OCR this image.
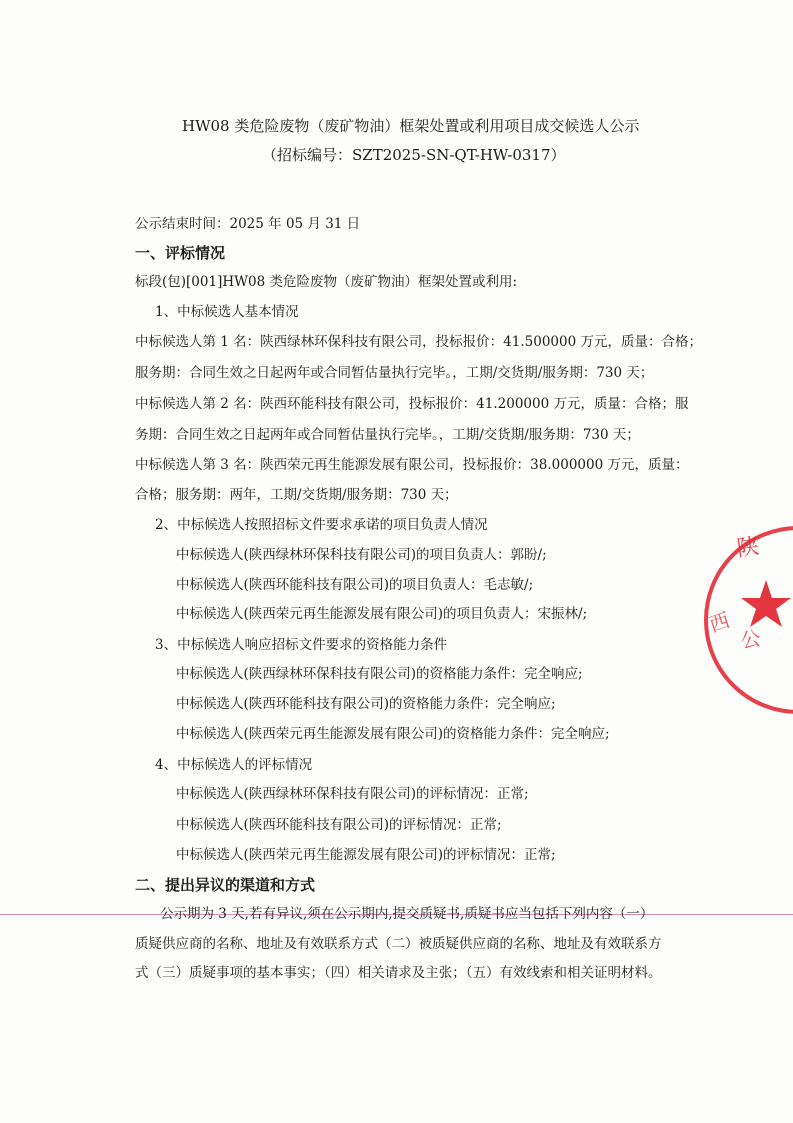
HW08 类危险废物（废矿物油）框架处置或利用项目成交候选人公示
（招标编号：SZT2025-SN-QT-HW-0317）
公示结束时间：2025 年 05 月 31 日
一、评标情况
标段(包)[001]HW08 类危险废物（废矿物油）框架处置或利用:
1、中标候选人基本情况
中标候选人第 1 名：陕西绿林环保科技有限公司，投标报价：41.500000 万元，质量：合格；
服务期：合同生效之日起两年或合同暂估量执行完毕。，工期/交货期/服务期：730 天；
中标候选人第 2 名：陕西环能科技有限公司，投标报价：41.200000 万元，质量：合格；服
务期：合同生效之日起两年或合同暂估量执行完毕。，工期/交货期/服务期：730 天；
中标候选人第 3 名：陕西荣元再生能源发展有限公司，投标报价：38.000000 万元，质量：
合格；服务期：两年，工期/交货期/服务期：730 天；
2、中标候选人按照招标文件要求承诺的项目负责人情况
中标候选人(陕西绿林环保科技有限公司)的项目负责人：郭盼/;
中标候选人(陕西环能科技有限公司)的项目负责人：毛志敏/;
中标候选人(陕西荣元再生能源发展有限公司)的项目负责人：宋振林/;
3、中标候选人响应招标文件要求的资格能力条件
中标候选人(陕西绿林环保科技有限公司)的资格能力条件：完全响应;
中标候选人(陕西环能科技有限公司)的资格能力条件：完全响应;
中标候选人(陕西荣元再生能源发展有限公司)的资格能力条件：完全响应;
4、中标候选人的评标情况
中标候选人(陕西绿林环保科技有限公司)的评标情况：正常;
中标候选人(陕西环能科技有限公司)的评标情况：正常;
中标候选人(陕西荣元再生能源发展有限公司)的评标情况：正常;
二、提出异议的渠道和方式
公示期为 3 天,若有异议,须在公示期内,提交质疑书,质疑书应当包括下列内容（一）
质疑供应商的名称、地址及有效联系方式（二）被质疑供应商的名称、地址及有效联系方
式（三）质疑事项的基本事实；（四）相关请求及主张；（五）有效线索和相关证明材料。
陕
西
公
